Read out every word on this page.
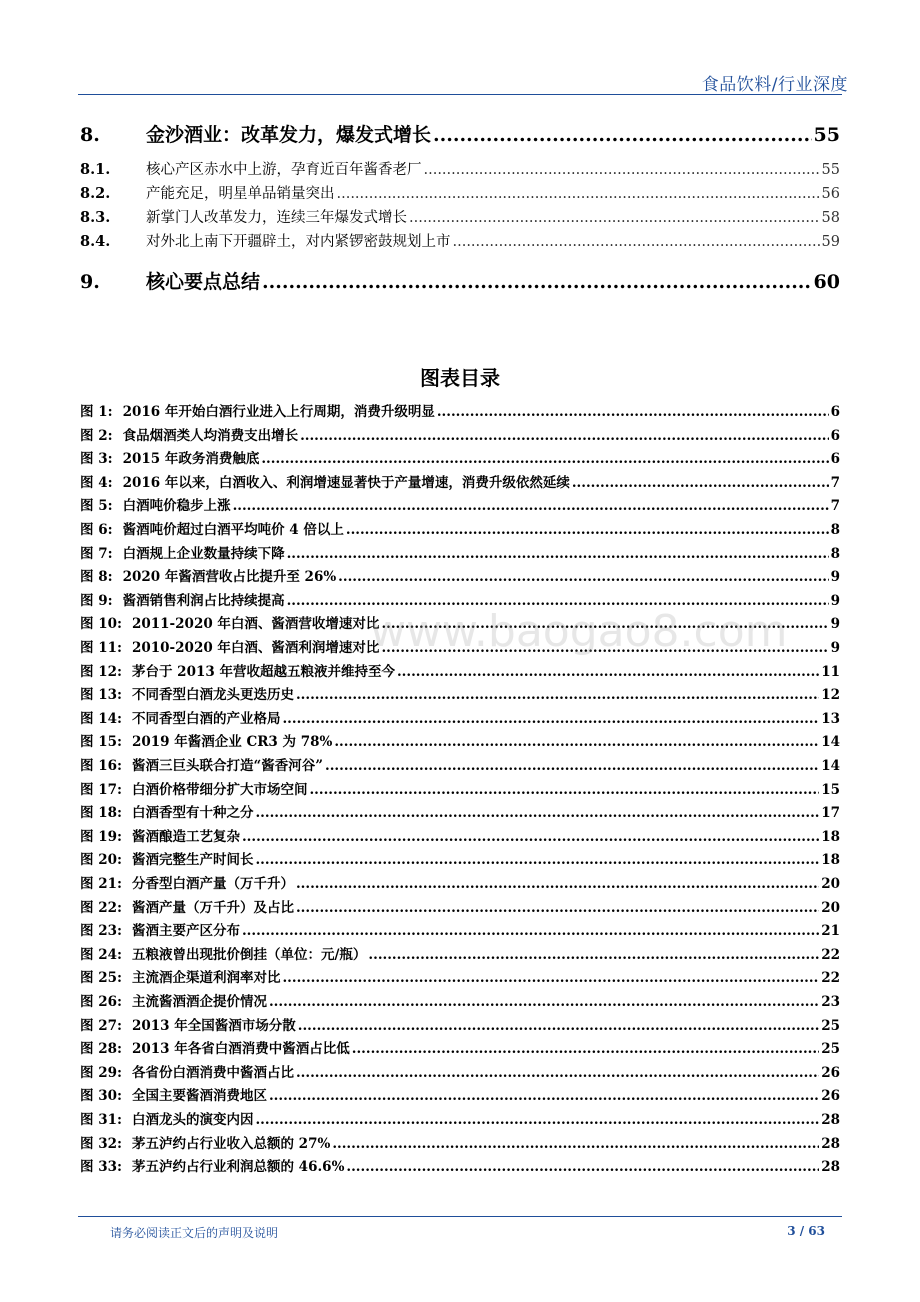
食品饮料/行业深度
8.	金沙酒业：改革发力，爆发式增长 .....	55
8.1.	核心产区赤水中上游，孕育近百年酱香老厂 .....	55
8.2.	产能充足，明星单品销量突出 .....	56
8.3.	新掌门人改革发力，连续三年爆发式增长 .....	58
8.4.	对外北上南下开疆辟土，对内紧锣密鼓规划上市 .....	59
9.	核心要点总结 .....	60
图表目录
图 1: 2016 年开始白酒行业进入上行周期，消费升级明显 .....	6
图 2: 食品烟酒类人均消费支出增长 .....	6
图 3: 2015 年政务消费触底 .....	6
图 4: 2016 年以来，白酒收入、利润增速显著快于产量增速，消费升级依然延续 .....	7
图 5: 白酒吨价稳步上涨 .....	7
图 6: 酱酒吨价超过白酒平均吨价 4 倍以上 .....	8
图 7: 白酒规上企业数量持续下降 .....	8
图 8: 2020 年酱酒营收占比提升至 26% .....	9
图 9: 酱酒销售利润占比持续提高 .....	9
图 10: 2011-2020 年白酒、酱酒营收增速对比 .....	9
图 11: 2010-2020 年白酒、酱酒利润增速对比 .....	9
图 12: 茅台于 2013 年营收超越五粮液并维持至今 .....	11
图 13: 不同香型白酒龙头更迭历史 .....	12
图 14: 不同香型白酒的产业格局 .....	13
图 15: 2019 年酱酒企业 CR3 为 78% .....	14
图 16: 酱酒三巨头联合打造“酱香河谷” .....	14
图 17: 白酒价格带细分扩大市场空间 .....	15
图 18: 白酒香型有十种之分 .....	17
图 19: 酱酒酿造工艺复杂 .....	18
图 20: 酱酒完整生产时间长 .....	18
图 21: 分香型白酒产量（万千升） .....	20
图 22: 酱酒产量（万千升）及占比 .....	20
图 23: 酱酒主要产区分布 .....	21
图 24: 五粮液曾出现批价倒挂（单位：元/瓶） .....	22
图 25: 主流酒企渠道利润率对比 .....	22
图 26: 主流酱酒酒企提价情况 .....	23
图 27: 2013 年全国酱酒市场分散 .....	25
图 28: 2013 年各省白酒消费中酱酒占比低 .....	25
图 29: 各省份白酒消费中酱酒占比 .....	26
图 30: 全国主要酱酒消费地区 .....	26
图 31: 白酒龙头的演变内因 .....	28
图 32: 茅五泸约占行业收入总额的 27% .....	28
图 33: 茅五泸约占行业利润总额的 46.6% .....	28
www.baogao8.com
请务必阅读正文后的声明及说明	3 / 63
